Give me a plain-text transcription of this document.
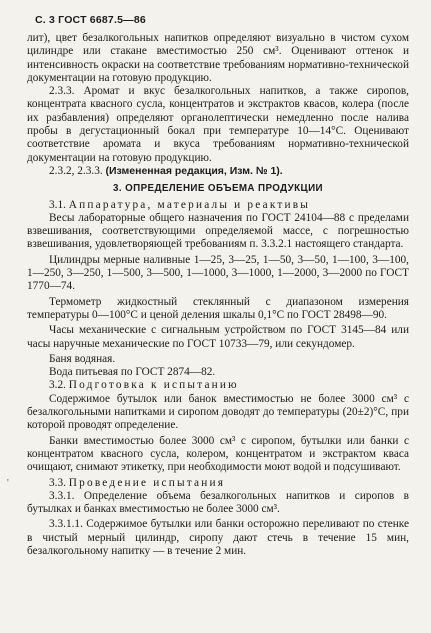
С. 3 ГОСТ 6687.5—86

лит), цвет безалкогольных напитков определяют визуально в чистом сухом цилиндре или стакане вместимостью 250 см³. Оценивают оттенок и интенсивность окраски на соответствие требованиям нормативно-технической документации на готовую продукцию.

2.3.3. Аромат и вкус безалкогольных напитков, а также сиропов, концентрата квасного сусла, концентратов и экстрактов квасов, колера (после их разбавления) определяют органолептически немедленно после налива пробы в дегустационный бокал при температуре 10—14°С. Оценивают соответствие аромата и вкуса требованиям нормативно-технической документации на готовую продукцию.

2.3.2, 2.3.3. (Измененная редакция, Изм. № 1).

3. ОПРЕДЕЛЕНИЕ ОБЪЕМА ПРОДУКЦИИ

3.1. Аппаратура, материалы и реактивы

Весы лабораторные общего назначения по ГОСТ 24104—88 с пределами взвешивания, соответствующими определяемой массе, с погрешностью взвешивания, удовлетворяющей требованиям п. 3.3.2.1 настоящего стандарта.

Цилиндры мерные наливные 1—25, 3—25, 1—50, 3—50, 1—100, 3—100, 1—250, 3—250, 1—500, 3—500, 1—1000, 3—1000, 1—2000, 3—2000 по ГОСТ 1770—74.

Термометр жидкостный стеклянный с диапазоном измерения температуры 0—100°С и ценой деления шкалы 0,1°С по ГОСТ 28498—90.

Часы механические с сигнальным устройством по ГОСТ 3145—84 или часы наручные механические по ГОСТ 10733—79, или секундомер.

Баня водяная.

Вода питьевая по ГОСТ 2874—82.

3.2. Подготовка к испытанию

Содержимое бутылок или банок вместимостью не более 3000 см³ с безалкогольными напитками и сиропом доводят до температуры (20±2)°С, при которой проводят определение.

Банки вместимостью более 3000 см³ с сиропом, бутылки или банки с концентратом квасного сусла, колером, концентратом и экстрактом кваса очищают, снимают этикетку, при необходимости моют водой и подсушивают.

3.3. Проведение испытания

3.3.1. Определение объема безалкогольных напитков и сиропов в бутылках и банках вместимостью не более 3000 см³.

3.3.1.1. Содержимое бутылки или банки осторожно переливают по стенке в чистый мерный цилиндр, сиропу дают стечь в течение 15 мин, безалкогольному напитку — в течение 2 мин.

'
